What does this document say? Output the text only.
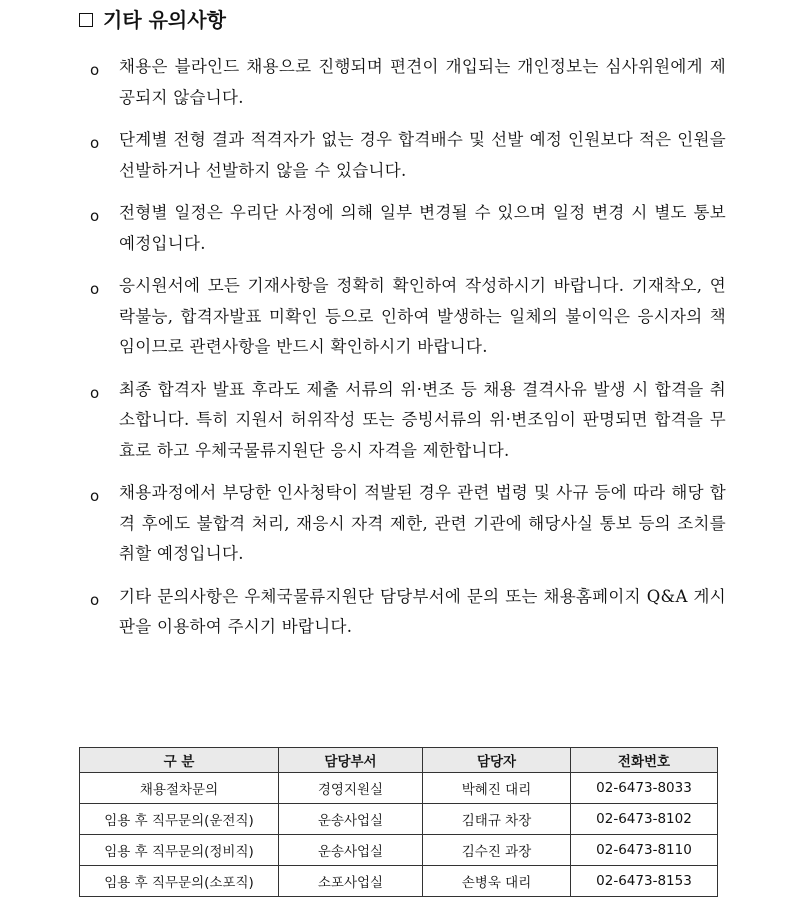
기타 유의사항
ο 채용은 블라인드 채용으로 진행되며 편견이 개입되는 개인정보는 심사위원에게 제공되지 않습니다.
ο 단계별 전형 결과 적격자가 없는 경우 합격배수 및 선발 예정 인원보다 적은 인원을 선발하거나 선발하지 않을 수 있습니다.
ο 전형별 일정은 우리단 사정에 의해 일부 변경될 수 있으며 일정 변경 시 별도 통보 예정입니다.
ο 응시원서에 모든 기재사항을 정확히 확인하여 작성하시기 바랍니다. 기재착오, 연락불능, 합격자발표 미확인 등으로 인하여 발생하는 일체의 불이익은 응시자의 책임이므로 관련사항을 반드시 확인하시기 바랍니다.
ο 최종 합격자 발표 후라도 제출 서류의 위·변조 등 채용 결격사유 발생 시 합격을 취소합니다. 특히 지원서 허위작성 또는 증빙서류의 위·변조임이 판명되면 합격을 무효로 하고 우체국물류지원단 응시 자격을 제한합니다.
ο 채용과정에서 부당한 인사청탁이 적발된 경우 관련 법령 및 사규 등에 따라 해당 합격 후에도 불합격 처리, 재응시 자격 제한, 관련 기관에 해당사실 통보 등의 조치를 취할 예정입니다.
ο 기타 문의사항은 우체국물류지원단 담당부서에 문의 또는 채용홈페이지 Q&A 게시판을 이용하여 주시기 바랍니다.
구 분	담당부서	담당자	전화번호
채용절차문의	경영지원실	박혜진 대리	02-6473-8033
임용 후 직무문의(운전직)	운송사업실	김태규 차장	02-6473-8102
임용 후 직무문의(정비직)	운송사업실	김수진 과장	02-6473-8110
임용 후 직무문의(소포직)	소포사업실	손병욱 대리	02-6473-8153
